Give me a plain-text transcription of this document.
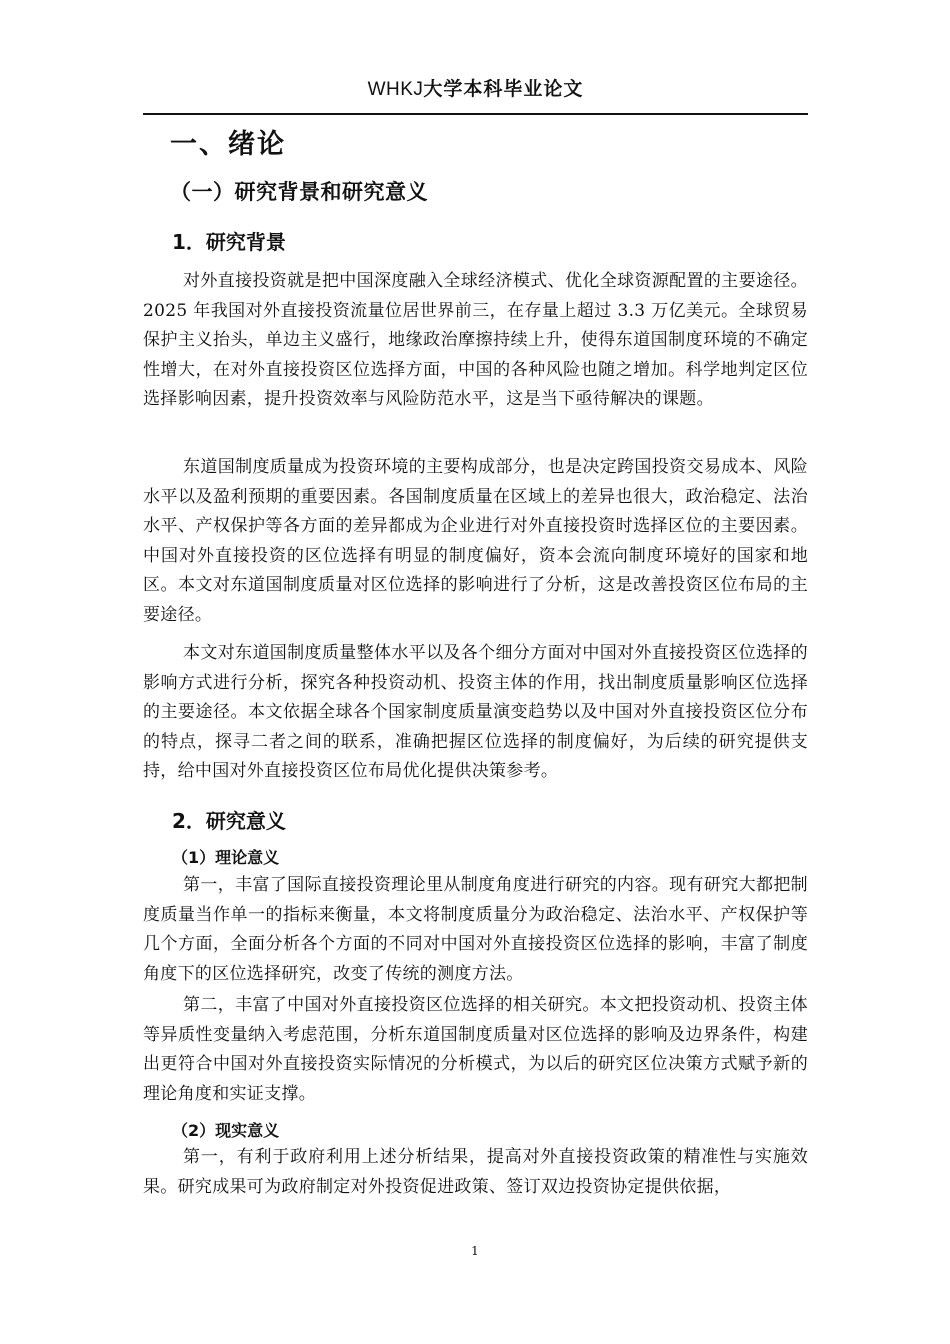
WHKJ大学本科毕业论文
一、绪论
（一）研究背景和研究意义
1．研究背景

对外直接投资就是把中国深度融入全球经济模式、优化全球资源配置的主要途径。2025 年我国对外直接投资流量位居世界前三，在存量上超过 3.3 万亿美元。全球贸易保护主义抬头，单边主义盛行，地缘政治摩擦持续上升，使得东道国制度环境的不确定性增大，在对外直接投资区位选择方面，中国的各种风险也随之增加。科学地判定区位选择影响因素，提升投资效率与风险防范水平，这是当下亟待解决的课题。

东道国制度质量成为投资环境的主要构成部分，也是决定跨国投资交易成本、风险水平以及盈利预期的重要因素。各国制度质量在区域上的差异也很大，政治稳定、法治水平、产权保护等各方面的差异都成为企业进行对外直接投资时选择区位的主要因素。中国对外直接投资的区位选择有明显的制度偏好，资本会流向制度环境好的国家和地区。本文对东道国制度质量对区位选择的影响进行了分析，这是改善投资区位布局的主要途径。

本文对东道国制度质量整体水平以及各个细分方面对中国对外直接投资区位选择的影响方式进行分析，探究各种投资动机、投资主体的作用，找出制度质量影响区位选择的主要途径。本文依据全球各个国家制度质量演变趋势以及中国对外直接投资区位分布的特点，探寻二者之间的联系，准确把握区位选择的制度偏好，为后续的研究提供支持，给中国对外直接投资区位布局优化提供决策参考。

2．研究意义
（1）理论意义

第一，丰富了国际直接投资理论里从制度角度进行研究的内容。现有研究大都把制度质量当作单一的指标来衡量，本文将制度质量分为政治稳定、法治水平、产权保护等几个方面，全面分析各个方面的不同对中国对外直接投资区位选择的影响，丰富了制度角度下的区位选择研究，改变了传统的测度方法。

第二，丰富了中国对外直接投资区位选择的相关研究。本文把投资动机、投资主体等异质性变量纳入考虑范围，分析东道国制度质量对区位选择的影响及边界条件，构建出更符合中国对外直接投资实际情况的分析模式，为以后的研究区位决策方式赋予新的理论角度和实证支撑。

（2）现实意义

第一，有利于政府利用上述分析结果，提高对外直接投资政策的精准性与实施效果。研究成果可为政府制定对外投资促进政策、签订双边投资协定提供依据，

1
